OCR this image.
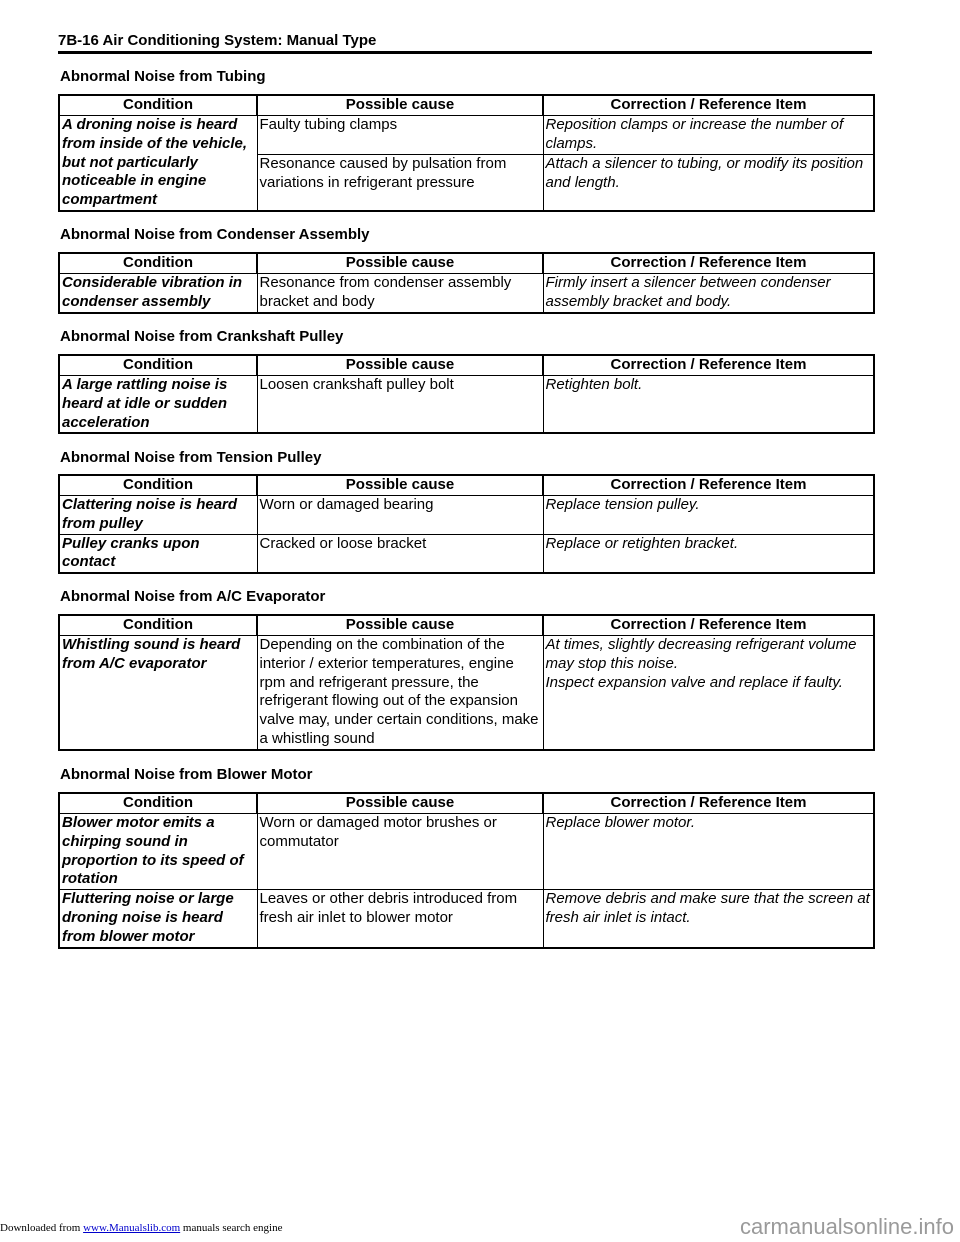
7B-16 Air Conditioning System: Manual Type
Abnormal Noise from Tubing
Condition	Possible cause	Correction / Reference Item
A droning noise is heard from inside of the vehicle, but not particularly noticeable in engine compartment	Faulty tubing clamps	Reposition clamps or increase the number of clamps.
	Resonance caused by pulsation from variations in refrigerant pressure	Attach a silencer to tubing, or modify its position and length.
Abnormal Noise from Condenser Assembly
Condition	Possible cause	Correction / Reference Item
Considerable vibration in condenser assembly	Resonance from condenser assembly bracket and body	Firmly insert a silencer between condenser assembly bracket and body.
Abnormal Noise from Crankshaft Pulley
Condition	Possible cause	Correction / Reference Item
A large rattling noise is heard at idle or sudden acceleration	Loosen crankshaft pulley bolt	Retighten bolt.
Abnormal Noise from Tension Pulley
Condition	Possible cause	Correction / Reference Item
Clattering noise is heard from pulley	Worn or damaged bearing	Replace tension pulley.
Pulley cranks upon contact	Cracked or loose bracket	Replace or retighten bracket.
Abnormal Noise from A/C Evaporator
Condition	Possible cause	Correction / Reference Item
Whistling sound is heard from A/C evaporator	Depending on the combination of the interior / exterior temperatures, engine rpm and refrigerant pressure, the refrigerant flowing out of the expansion valve may, under certain conditions, make a whistling sound	At times, slightly decreasing refrigerant volume may stop this noise.
Inspect expansion valve and replace if faulty.
Abnormal Noise from Blower Motor
Condition	Possible cause	Correction / Reference Item
Blower motor emits a chirping sound in proportion to its speed of rotation	Worn or damaged motor brushes or commutator	Replace blower motor.
Fluttering noise or large droning noise is heard from blower motor	Leaves or other debris introduced from fresh air inlet to blower motor	Remove debris and make sure that the screen at fresh air inlet is intact.
Downloaded from www.Manualslib.com manuals search engine	carmanualsonline.info
